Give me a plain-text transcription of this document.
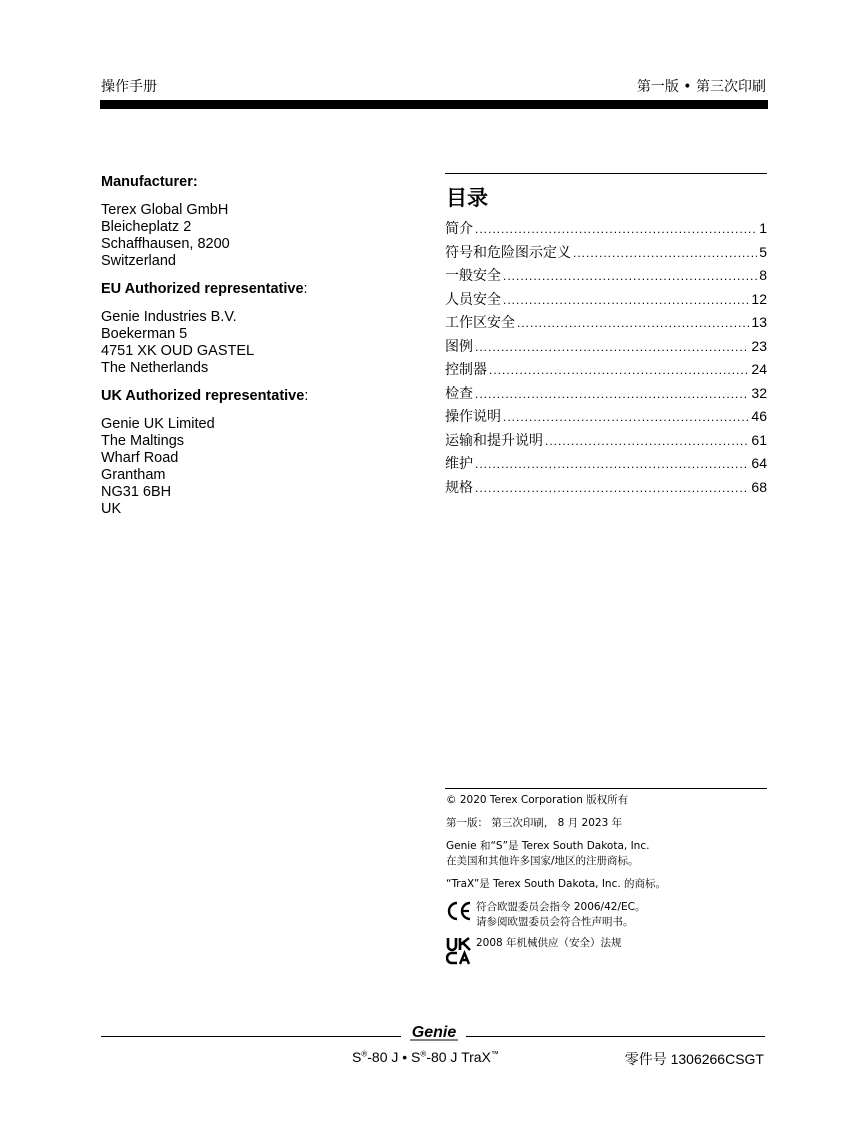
操作手册	第一版 • 第三次印刷
Manufacturer:
Terex Global GmbH
Bleicheplatz 2
Schaffhausen, 8200
Switzerland
EU Authorized representative:
Genie Industries B.V.
Boekerman 5
4751 XK OUD GASTEL
The Netherlands
UK Authorized representative:
Genie UK Limited
The Maltings
Wharf Road
Grantham
NG31 6BH
UK
目录
简介 .....	1
符号和危险图示定义 .....	5
一般安全 .....	8
人员安全 .....	12
工作区安全 .....	13
图例 .....	23
控制器 .....	24
检查 .....	32
操作说明 .....	46
运输和提升说明 .....	61
维护 .....	64
规格 .....	68

© 2020 Terex Corporation 版权所有

第一版： 第三次印刷， 8 月 2023 年

Genie 和“S”是 Terex South Dakota, Inc.
在美国和其他许多国家/地区的注册商标。

“TraX”是 Terex South Dakota, Inc. 的商标。

符合欧盟委员会指令 2006/42/EC。
请参阅欧盟委员会符合性声明书。
2008 年机械供应（安全）法规
Genie
S®-80 J • S®-80 J TraX™	零件号 1306266CSGT
